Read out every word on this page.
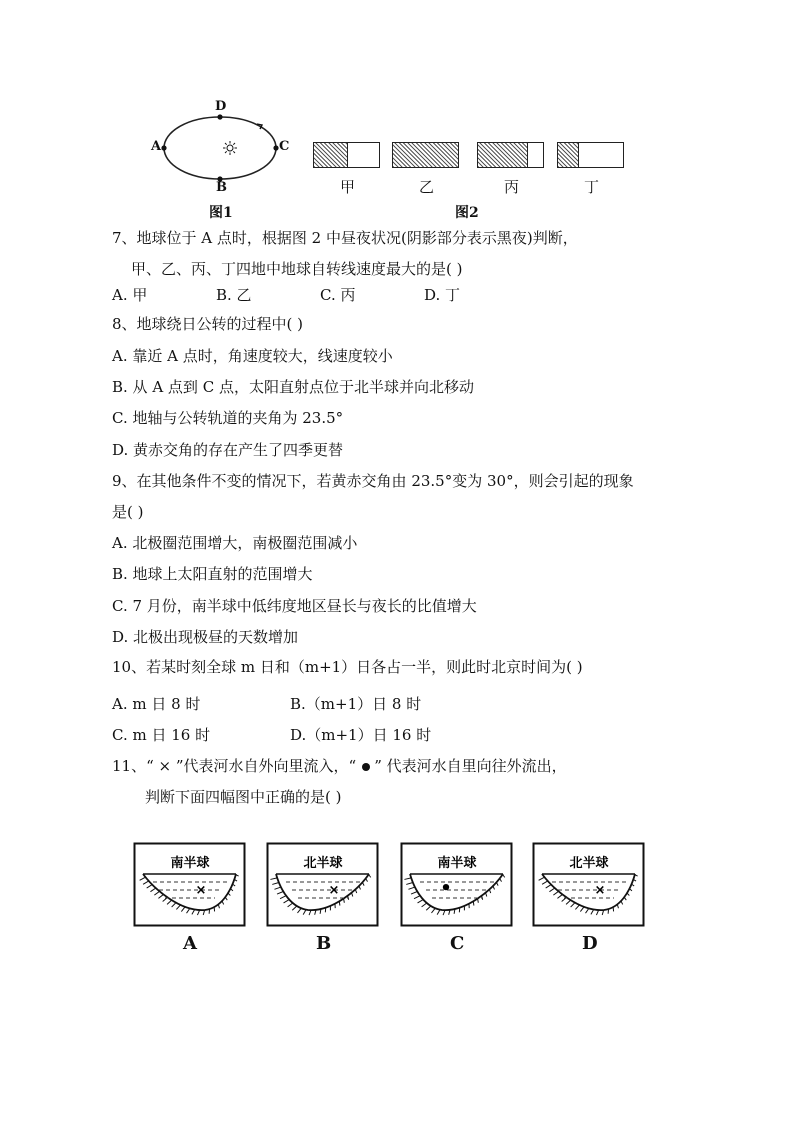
A
B
C
D
图1
甲	乙	丙	丁
图2
7、地球位于 A 点时，根据图 2 中昼夜状况(阴影部分表示黑夜)判断，
甲、乙、丙、丁四地中地球自转线速度最大的是( )
A. 甲	B. 乙	C. 丙	D. 丁
8、地球绕日公转的过程中( )
A. 靠近 A 点时，角速度较大，线速度较小
B. 从 A 点到 C 点，太阳直射点位于北半球并向北移动
C. 地轴与公转轨道的夹角为 23.5°
D. 黄赤交角的存在产生了四季更替
9、在其他条件不变的情况下，若黄赤交角由 23.5°变为 30°，则会引起的现象
是( )
A. 北极圈范围增大，南极圈范围减小
B. 地球上太阳直射的范围增大
C. 7 月份，南半球中低纬度地区昼长与夜长的比值增大
D. 北极出现极昼的天数增加
10、若某时刻全球 m 日和（m+1）日各占一半，则此时北京时间为( )
A. m 日 8 时	B.（m+1）日 8 时
C. m 日 16 时	D.（m+1）日 16 时
11、“ × ”代表河水自外向里流入，“ ” 代表河水自里向往外流出，
判断下面四幅图中正确的是( )
南半球
×
A
北半球
×
B
南半球
•
C
北半球
×
D
